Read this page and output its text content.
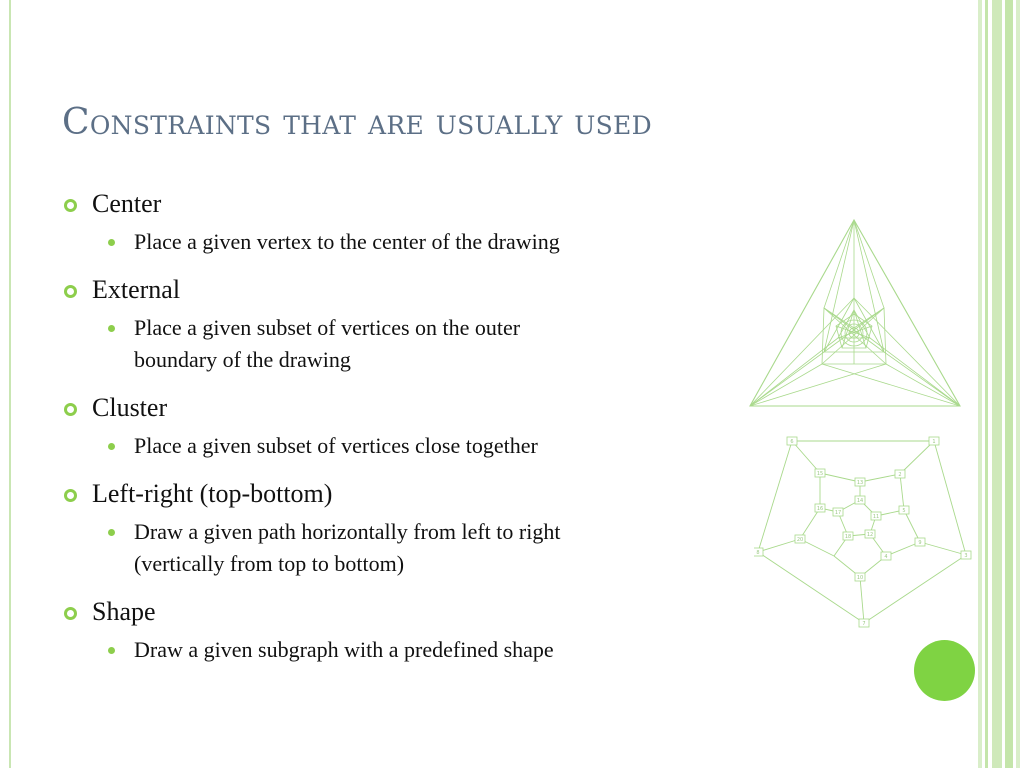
Constraints that are usually used
Center
Place a given vertex to the center of the drawing
External
Place a given subset of vertices on the outer
boundary of the drawing
Cluster
Place a given subset of vertices close together
Left-right (top-bottom)
Draw a given path horizontally from left to right
(vertically from top to bottom)
Shape
Draw a given subgraph with a predefined shape
6	1
15	2
13
16
14
11
5
17
12
20	18
4
8
9
3
10
7
